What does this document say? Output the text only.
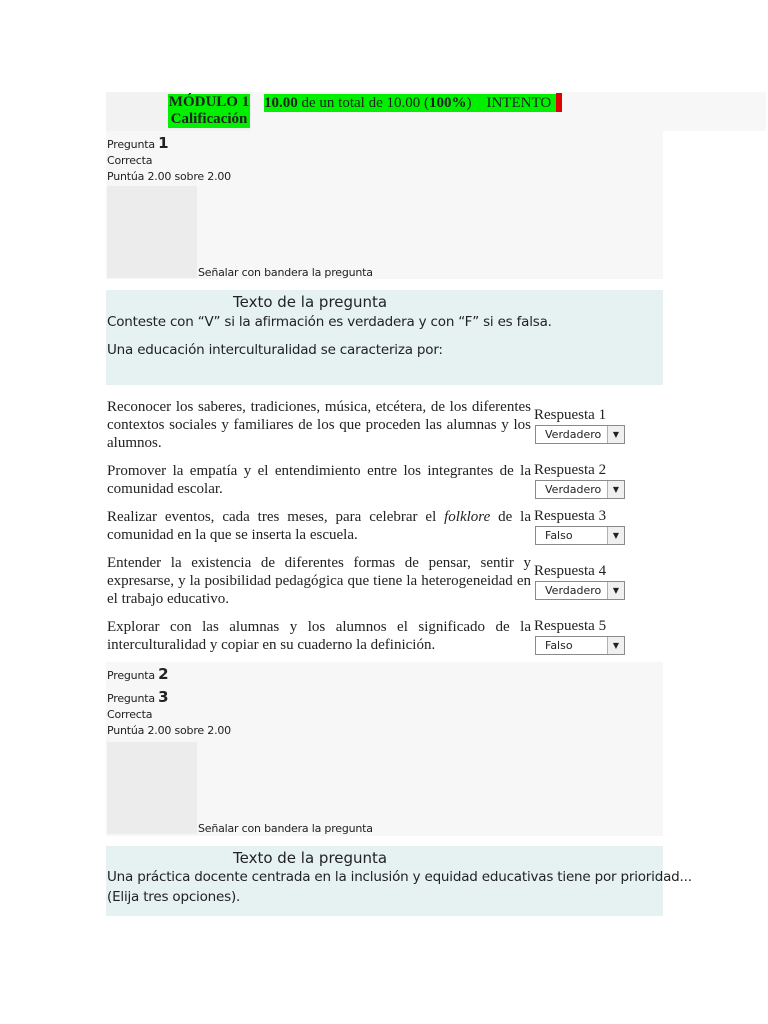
MÓDULO 1
Calificación
10.00 de un total de 10.00 (100%)    INTENTO
Pregunta 1
Correcta
Puntúa 2.00 sobre 2.00
Señalar con bandera la pregunta
Texto de la pregunta
Conteste con “V” si la afirmación es verdadera y con “F” si es falsa.
Una educación interculturalidad se caracteriza por:
Reconocer los saberes, tradiciones, música, etcétera, de los diferentes contextos sociales y familiares de los que proceden las alumnas y los alumnos.
Respuesta 1
Verdadero	▼
Promover la empatía y el entendimiento entre los integrantes de la comunidad escolar.
Respuesta 2
Verdadero	▼
Realizar eventos, cada tres meses, para celebrar el folklore de la comunidad en la que se inserta la escuela.
Respuesta 3
Falso	▼
Entender la existencia de diferentes formas de pensar, sentir y expresarse, y la posibilidad pedagógica que tiene la heterogeneidad en el trabajo educativo.
Respuesta 4
Verdadero	▼
Explorar con las alumnas y los alumnos el significado de la interculturalidad y copiar en su cuaderno la definición.
Respuesta 5
Falso	▼
Pregunta 2
Pregunta 3
Correcta
Puntúa 2.00 sobre 2.00
Señalar con bandera la pregunta
Texto de la pregunta
Una práctica docente centrada en la inclusión y equidad educativas tiene por prioridad...
(Elija tres opciones).
